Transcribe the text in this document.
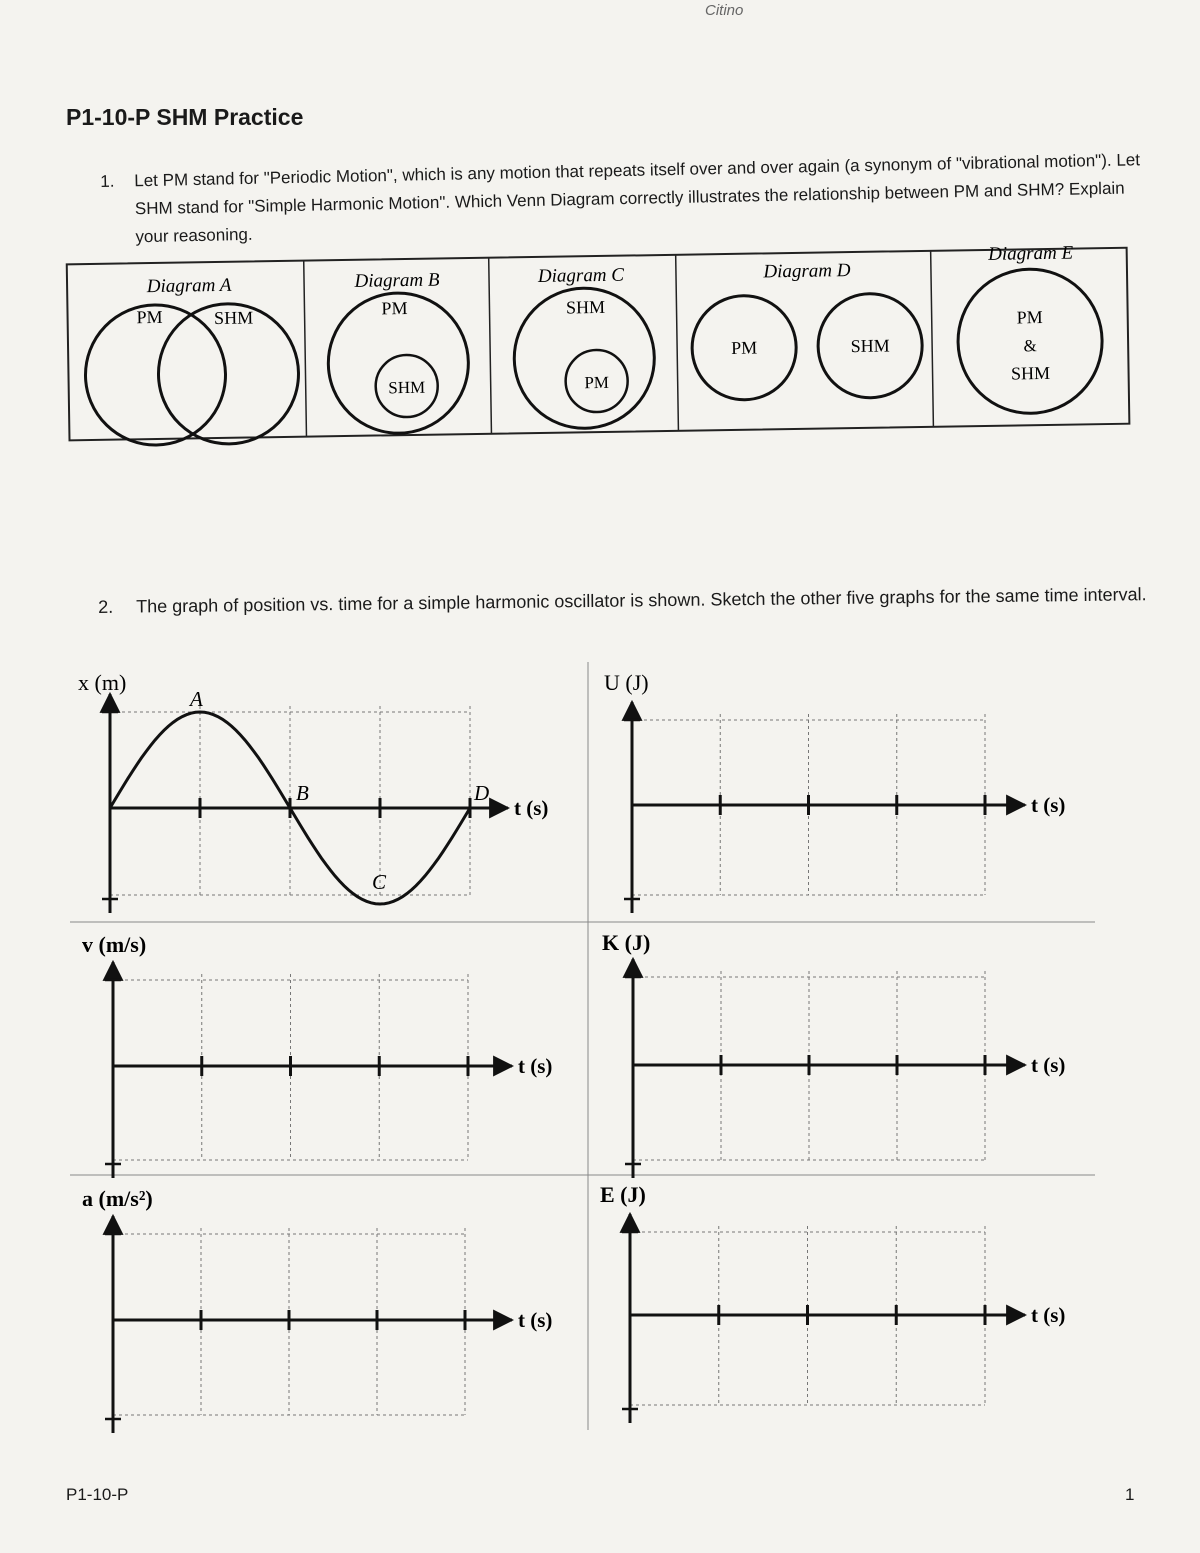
Citino
P1-10-P SHM Practice
1. Let PM stand for "Periodic Motion", which is any motion that repeats itself over and over again (a synonym of "vibrational motion"). Let SHM stand for "Simple Harmonic Motion". Which Venn Diagram correctly illustrates the relationship between PM and SHM? Explain your reasoning.
Diagram A
PM	SHM
Diagram B
PM
SHM
Diagram C
SHM
PM
Diagram D
PM	SHM
Diagram E
PM
&
SHM
2. The graph of position vs. time for a simple harmonic oscillator is shown. Sketch the other five graphs for the same time interval.
x (m)
t (s)
U (J)
t (s)
v (m/s)
t (s)
K (J)
t (s)
a (m/s²)
t (s)
E (J)
t (s)
A
B
C
D
P1-10-P	1
